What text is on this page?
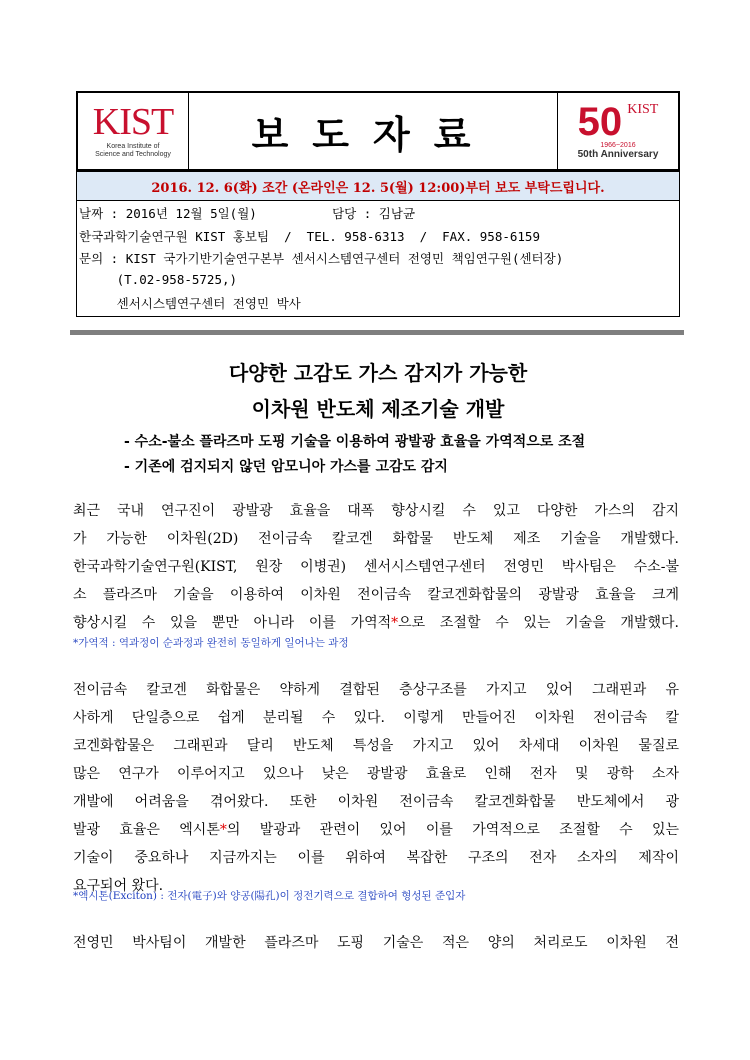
KIST
Korea Institute of
Science and Technology	보도자료	50 KIST
1966~2016
50th Anniversary
2016. 12. 6(화) 조간 (온라인은 12. 5(월) 12:00)부터 보도 부탁드립니다.
날짜 : 2016년 12월 5일(월)          담당 : 김남균
한국과학기술연구원 KIST 홍보팀  /  TEL. 958-6313  /  FAX. 958-6159
문의 : KIST 국가기반기술연구본부 센서시스템연구센터 전영민 책임연구원(센터장)
(T.02-958-5725,)
센서시스템연구센터 전영민 박사
다양한 고감도 가스 감지가 가능한
이차원 반도체 제조기술 개발
- 수소-불소 플라즈마 도핑 기술을 이용하여 광발광 효율을 가역적으로 조절
- 기존에 검지되지 않던 암모니아 가스를 고감도 감지
최근 국내 연구진이 광발광 효율을 대폭 향상시킬 수 있고 다양한 가스의 감지
가 가능한 이차원(2D) 전이금속 칼코겐 화합물 반도체 제조 기술을 개발했다.
한국과학기술연구원(KIST, 원장 이병권) 센서시스템연구센터 전영민 박사팀은 수소-불
소 플라즈마 기술을 이용하여 이차원 전이금속 칼코겐화합물의 광발광 효율을 크게
향상시킬 수 있을 뿐만 아니라 이를 가역적*으로 조절할 수 있는 기술을 개발했다.
*가역적 : 역과정이 순과정과 완전히 동일하게 일어나는 과정
전이금속 칼코겐 화합물은 약하게 결합된 층상구조를 가지고 있어 그래핀과 유
사하게 단일층으로 쉽게 분리될 수 있다. 이렇게 만들어진 이차원 전이금속 칼
코겐화합물은 그래핀과 달리 반도체 특성을 가지고 있어 차세대 이차원 물질로
많은 연구가 이루어지고 있으나 낮은 광발광 효율로 인해 전자 및 광학 소자
개발에 어려움을 겪어왔다. 또한 이차원 전이금속 칼코겐화합물 반도체에서 광
발광 효율은 엑시톤*의 발광과 관련이 있어 이를 가역적으로 조절할 수 있는
기술이 중요하나 지금까지는 이를 위하여 복잡한 구조의 전자 소자의 제작이
요구되어 왔다.
*엑시톤(Exciton) : 전자(電子)와 양공(陽孔)이 정전기력으로 결합하여 형성된 준입자
전영민 박사팀이 개발한 플라즈마 도핑 기술은 적은 양의 처리로도 이차원 전
